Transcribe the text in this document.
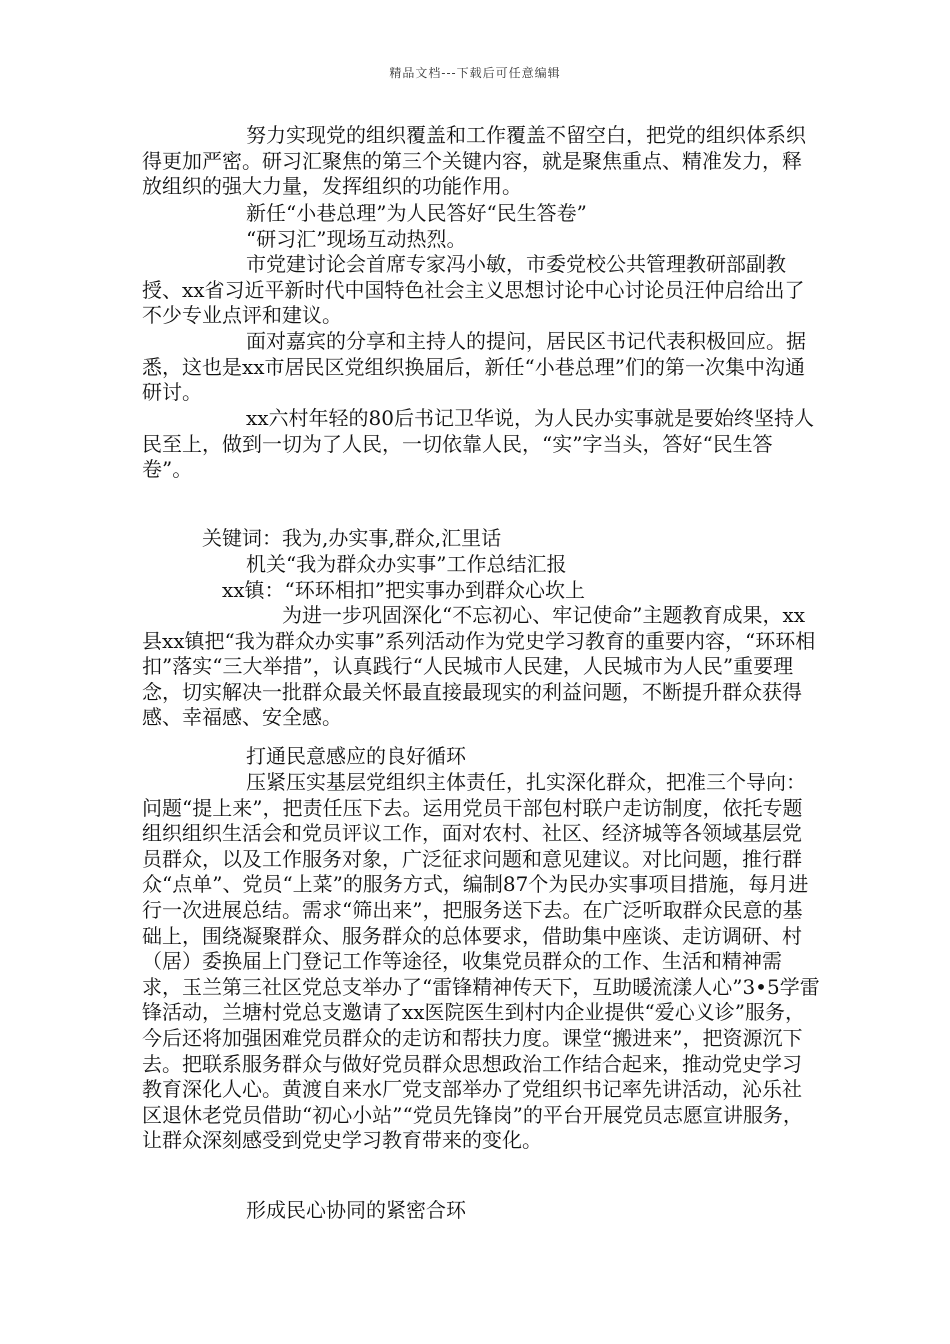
精品文档---下载后可任意编辑

努力实现党的组织覆盖和工作覆盖不留空白，把党的组织体系织得更加严密。研习汇聚焦的第三个关键内容，就是聚焦重点、精准发力，释放组织的强大力量，发挥组织的功能作用。

新任“小巷总理”为人民答好“民生答卷”

“研习汇”现场互动热烈。

市党建讨论会首席专家冯小敏，市委党校公共管理教研部副教授、xx省习近平新时代中国特色社会主义思想讨论中心讨论员汪仲启给出了不少专业点评和建议。

面对嘉宾的分享和主持人的提问，居民区书记代表积极回应。据悉，这也是xx市居民区党组织换届后，新任“小巷总理”们的第一次集中沟通研讨。

xx六村年轻的80后书记卫华说，为人民办实事就是要始终坚持人民至上，做到一切为了人民，一切依靠人民，“实”字当头，答好“民生答卷”。

关键词：我为,办实事,群众,汇里话

机关“我为群众办实事”工作总结汇报

xx镇：“环环相扣”把实事办到群众心坎上

为进一步巩固深化“不忘初心、牢记使命”主题教育成果，xx县xx镇把“我为群众办实事”系列活动作为党史学习教育的重要内容，“环环相扣”落实“三大举措”，认真践行“人民城市人民建，人民城市为人民”重要理念，切实解决一批群众最关怀最直接最现实的利益问题，不断提升群众获得感、幸福感、安全感。

打通民意感应的良好循环

压紧压实基层党组织主体责任，扎实深化群众，把准三个导向：问题“提上来”，把责任压下去。运用党员干部包村联户走访制度，依托专题组织组织生活会和党员评议工作，面对农村、社区、经济城等各领域基层党员群众，以及工作服务对象，广泛征求问题和意见建议。对比问题，推行群众“点单”、党员“上菜”的服务方式，编制87个为民办实事项目措施，每月进行一次进展总结。需求“筛出来”，把服务送下去。在广泛听取群众民意的基础上，围绕凝聚群众、服务群众的总体要求，借助集中座谈、走访调研、村（居）委换届上门登记工作等途径，收集党员群众的工作、生活和精神需求，玉兰第三社区党总支举办了“雷锋精神传天下，互助暖流漾人心”3•5学雷锋活动，兰塘村党总支邀请了xx医院医生到村内企业提供“爱心义诊”服务，今后还将加强困难党员群众的走访和帮扶力度。课堂“搬进来”，把资源沉下去。把联系服务群众与做好党员群众思想政治工作结合起来，推动党史学习教育深化人心。黄渡自来水厂党支部举办了党组织书记率先讲活动，沁乐社区退休老党员借助“初心小站”“党员先锋岗”的平台开展党员志愿宣讲服务，让群众深刻感受到党史学习教育带来的变化。

形成民心协同的紧密合环
